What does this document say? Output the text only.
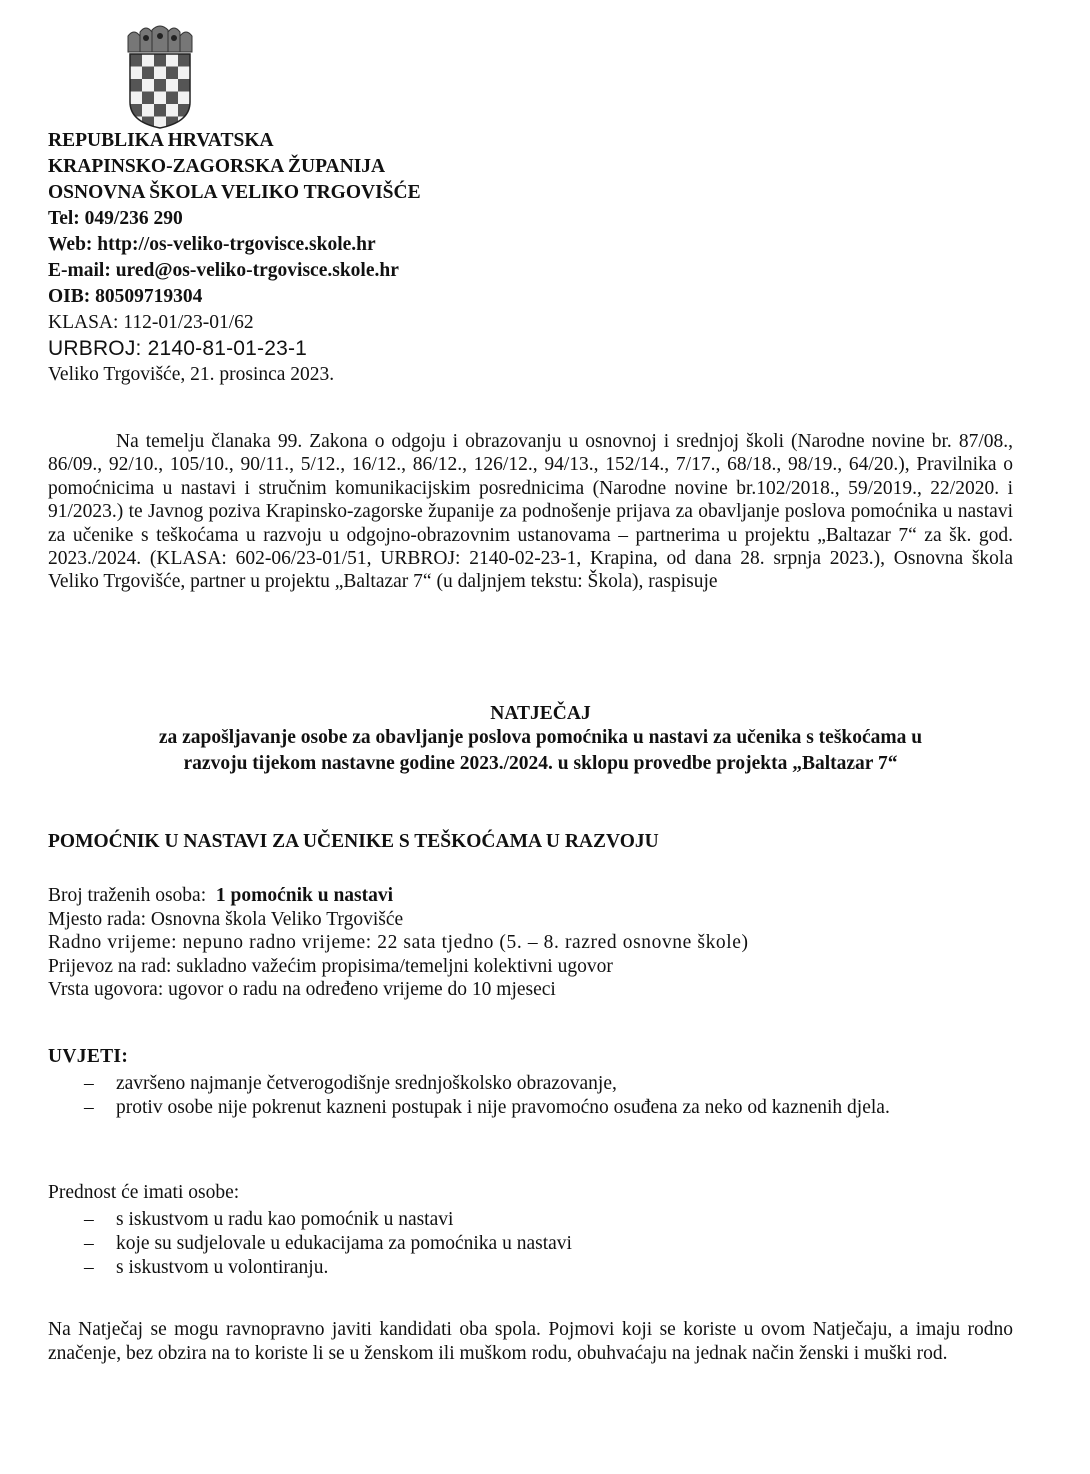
REPUBLIKA HRVATSKA
KRAPINSKO-ZAGORSKA ŽUPANIJA
OSNOVNA ŠKOLA VELIKO TRGOVIŠĆE
Tel: 049/236 290
Web: http://os-veliko-trgovisce.skole.hr
E-mail: ured@os-veliko-trgovisce.skole.hr
OIB: 80509719304
KLASA: 112-01/23-01/62
URBROJ: 2140-81-01-23-1
Veliko Trgovišće, 21. prosinca 2023.

Na temelju članaka 99. Zakona o odgoju i obrazovanju u osnovnoj i srednjoj školi (Narodne novine br. 87/08., 86/09., 92/10., 105/10., 90/11., 5/12., 16/12., 86/12., 126/12., 94/13., 152/14., 7/17., 68/18., 98/19., 64/20.), Pravilnika o pomoćnicima u nastavi i stručnim komunikacijskim posrednicima (Narodne novine br.102/2018., 59/2019., 22/2020. i 91/2023.) te Javnog poziva Krapinsko-zagorske županije za podnošenje prijava za obavljanje poslova pomoćnika u nastavi za učenike s teškoćama u razvoju u odgojno-obrazovnim ustanovama – partnerima u projektu „Baltazar 7“ za šk. god. 2023./2024. (KLASA: 602-06/23-01/51, URBROJ: 2140-02-23-1, Krapina, od dana 28. srpnja 2023.), Osnovna škola Veliko Trgovišće, partner u projektu „Baltazar 7“ (u daljnjem tekstu: Škola), raspisuje

NATJEČAJ

za zapošljavanje osobe za obavljanje poslova pomoćnika u nastavi za učenika s teškoćama u

razvoju tijekom nastavne godine 2023./2024. u sklopu provedbe projekta „Baltazar 7“

POMOĆNIK U NASTAVI ZA UČENIKE S TEŠKOĆAMA U RAZVOJU

Broj traženih osoba: 1 pomoćnik u nastavi
Mjesto rada: Osnovna škola Veliko Trgovišće
Radno vrijeme: nepuno radno vrijeme: 22 sata tjedno (5. – 8. razred osnovne škole)
Prijevoz na rad: sukladno važećim propisima/temeljni kolektivni ugovor
Vrsta ugovora: ugovor o radu na određeno vrijeme do 10 mjeseci

UVJETI:

– završeno najmanje četverogodišnje srednjoškolsko obrazovanje,
– protiv osobe nije pokrenut kazneni postupak i nije pravomoćno osuđena za neko od kaznenih djela.

Prednost će imati osobe:

– s iskustvom u radu kao pomoćnik u nastavi
– koje su sudjelovale u edukacijama za pomoćnika u nastavi
– s iskustvom u volontiranju.

Na Natječaj se mogu ravnopravno javiti kandidati oba spola. Pojmovi koji se koriste u ovom Natječaju, a imaju rodno značenje, bez obzira na to koriste li se u ženskom ili muškom rodu, obuhvaćaju na jednak način ženski i muški rod.
